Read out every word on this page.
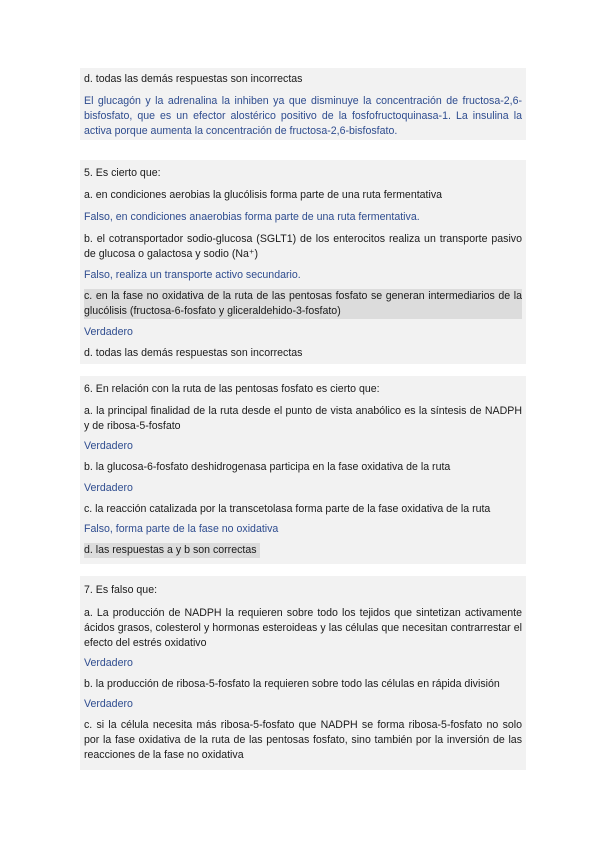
d. todas las demás respuestas son incorrectas

El glucagón y la adrenalina la inhiben ya que disminuye la concentración de fructosa-2,6-bisfosfato, que es un efector alostérico positivo de la fosfofructoquinasa-1. La insulina la activa porque aumenta la concentración de fructosa-2,6-bisfosfato.

5. Es cierto que:

a. en condiciones aerobias la glucólisis forma parte de una ruta fermentativa

Falso, en condiciones anaerobias forma parte de una ruta fermentativa.

b. el cotransportador sodio-glucosa (SGLT1) de los enterocitos realiza un transporte pasivo de glucosa o galactosa y sodio (Na⁺)

Falso, realiza un transporte activo secundario.

c. en la fase no oxidativa de la ruta de las pentosas fosfato se generan intermediarios de la glucólisis (fructosa-6-fosfato y gliceraldehido-3-fosfato)

Verdadero

d. todas las demás respuestas son incorrectas

6. En relación con la ruta de las pentosas fosfato es cierto que:

a. la principal finalidad de la ruta desde el punto de vista anabólico es la síntesis de NADPH y de ribosa-5-fosfato

Verdadero

b. la glucosa-6-fosfato deshidrogenasa participa en la fase oxidativa de la ruta

Verdadero

c. la reacción catalizada por la transcetolasa forma parte de la fase oxidativa de la ruta

Falso, forma parte de la fase no oxidativa

d. las respuestas a y b son correctas

7. Es falso que:

a. La producción de NADPH la requieren sobre todo los tejidos que sintetizan activamente ácidos grasos, colesterol y hormonas esteroideas y las células que necesitan contrarrestar el efecto del estrés oxidativo

Verdadero

b. la producción de ribosa-5-fosfato la requieren sobre todo las células en rápida división

Verdadero

c. si la célula necesita más ribosa-5-fosfato que NADPH se forma ribosa-5-fosfato no solo por la fase oxidativa de la ruta de las pentosas fosfato, sino también por la inversión de las reacciones de la fase no oxidativa
